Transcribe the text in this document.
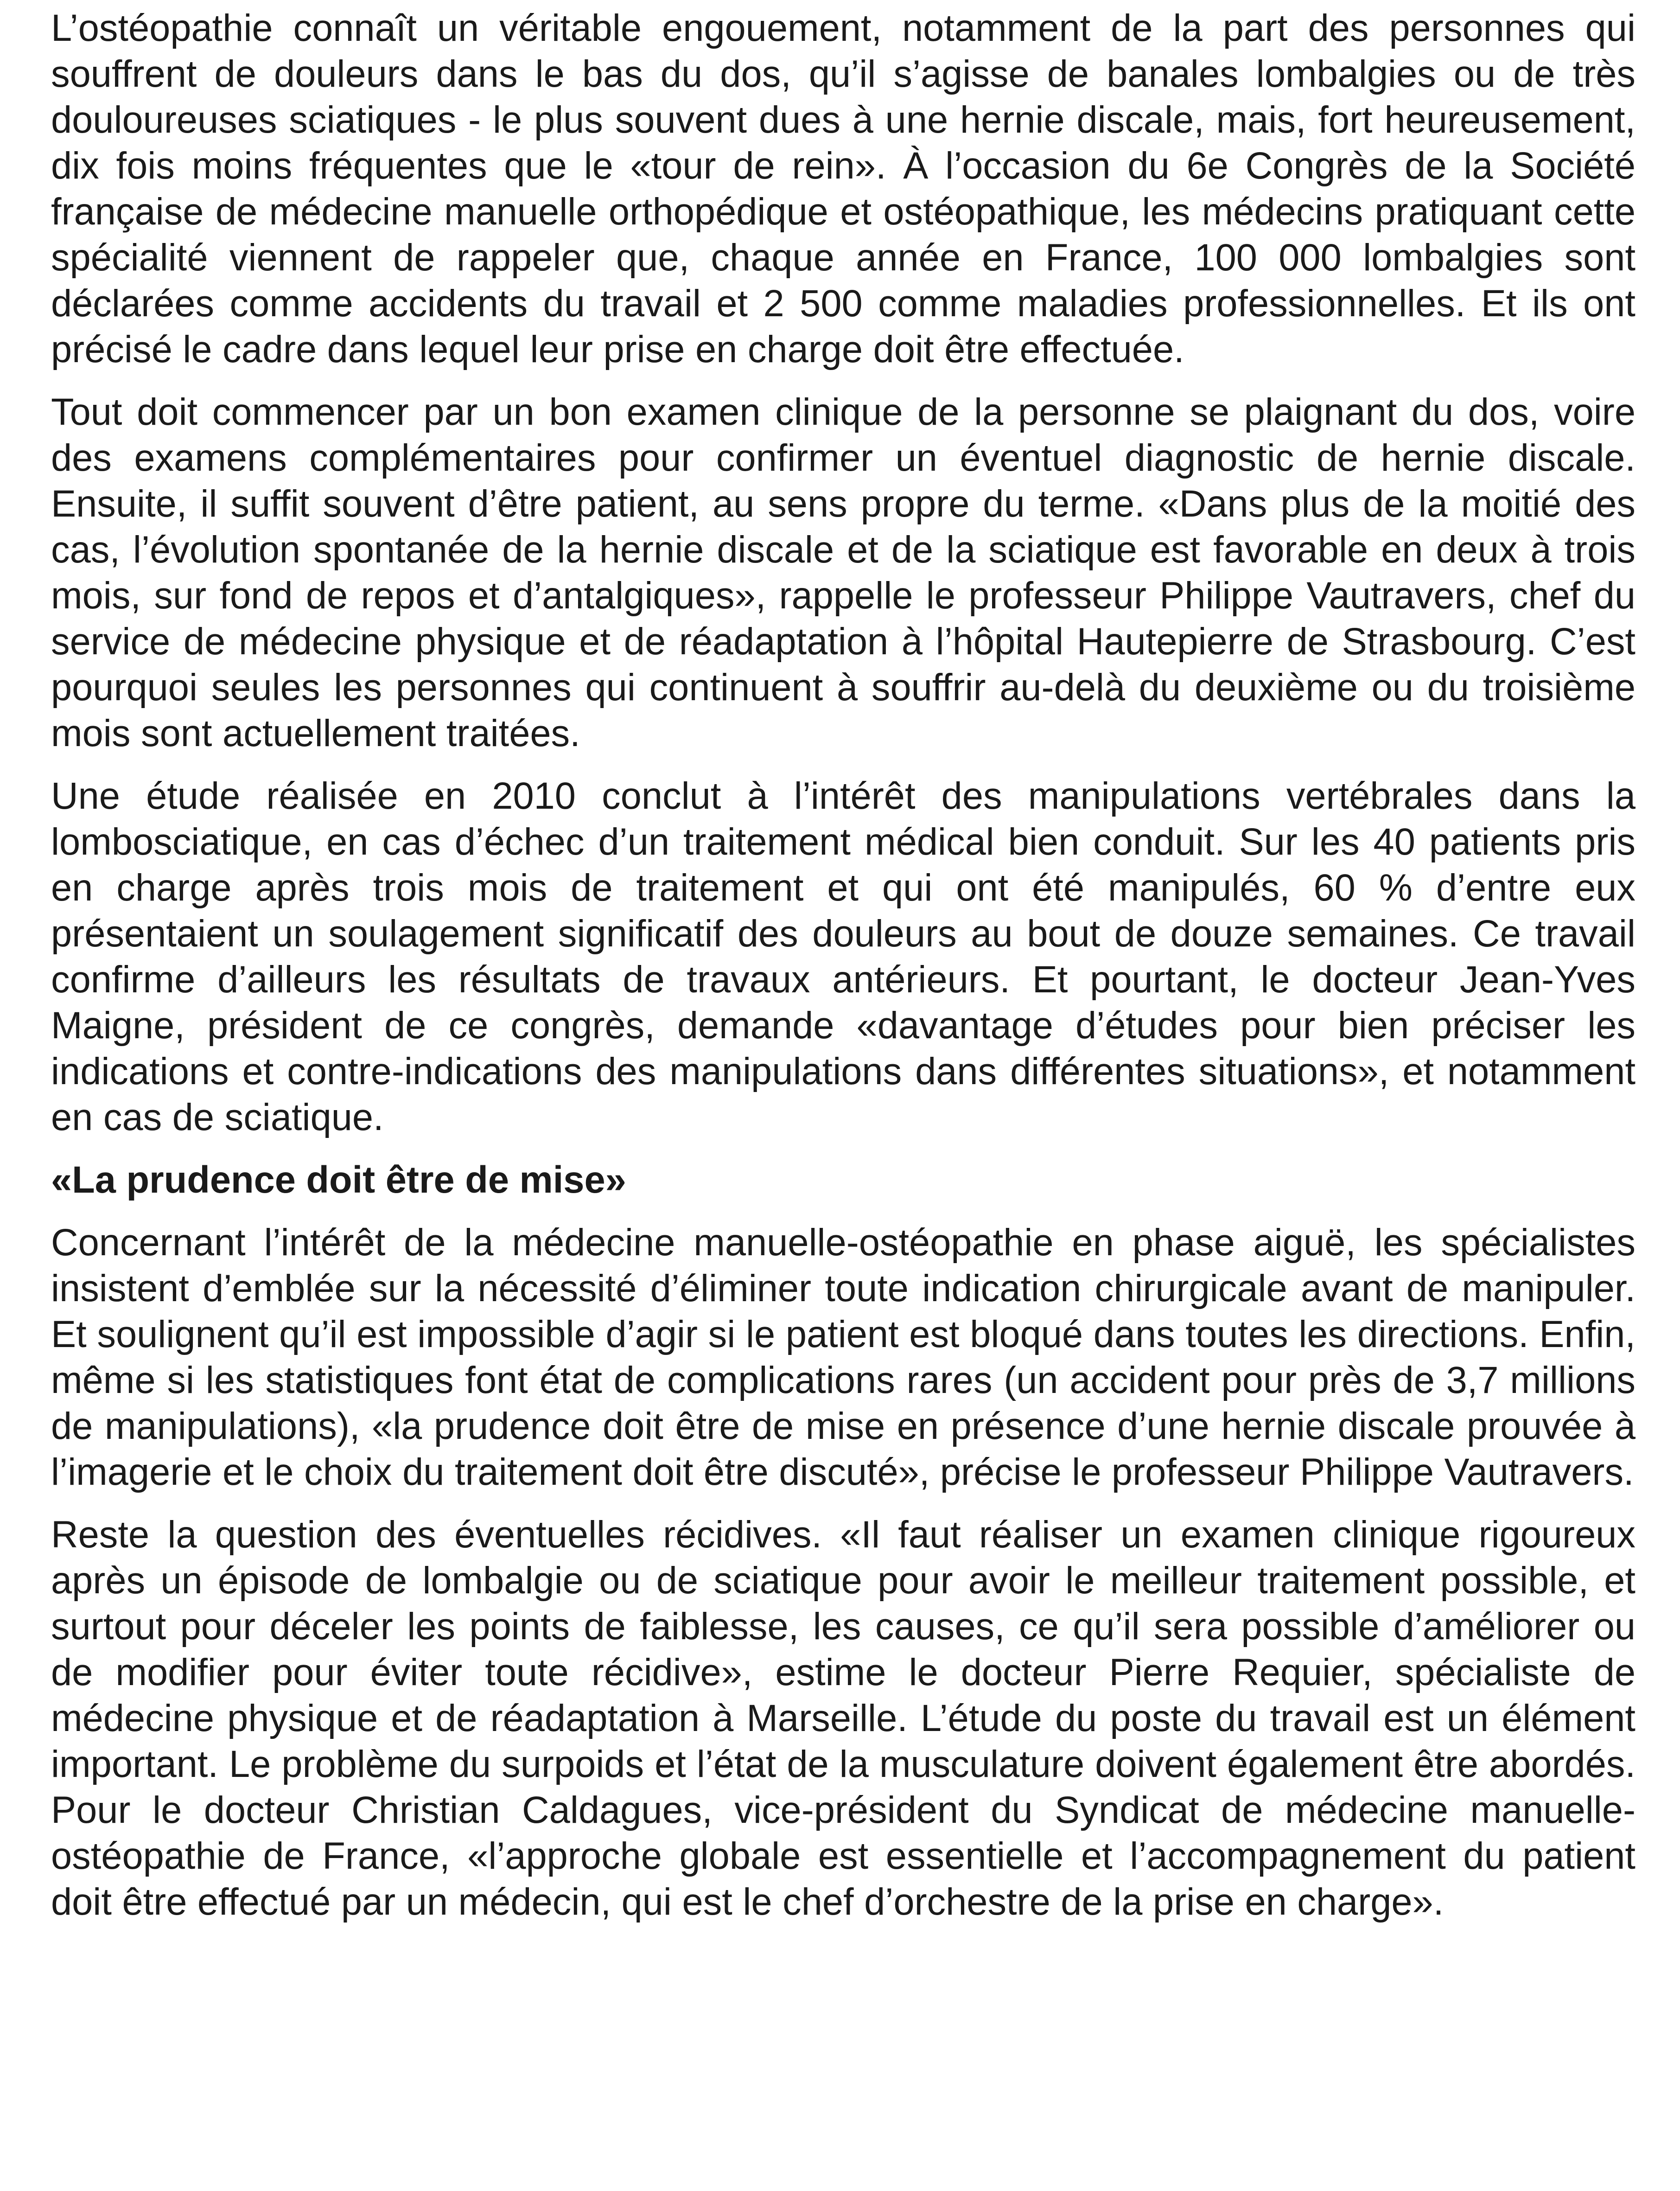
L’ostéopathie connaît un véritable engouement, notamment de la part des personnes qui souffrent de douleurs dans le bas du dos, qu’il s’agisse de banales lombalgies ou de très douloureuses sciatiques - le plus souvent dues à une hernie discale, mais, fort heureusement, dix fois moins fréquentes que le «tour de rein». À l’occasion du 6e Congrès de la Société française de médecine manuelle orthopédique et ostéopathique, les médecins pratiquant cette spécialité viennent de rappeler que, chaque année en France, 100 000 lombalgies sont déclarées comme accidents du travail et 2 500 comme maladies professionnelles. Et ils ont précisé le cadre dans lequel leur prise en charge doit être effectuée.

Tout doit commencer par un bon examen clinique de la personne se plaignant du dos, voire des examens complémentaires pour confirmer un éventuel diagnostic de hernie discale. Ensuite, il suffit souvent d’être patient, au sens propre du terme. «Dans plus de la moitié des cas, l’évolution spontanée de la hernie discale et de la sciatique est favorable en deux à trois mois, sur fond de repos et d’antalgiques», rappelle le professeur Philippe Vautravers, chef du service de médecine physique et de réadaptation à l’hôpital Hautepierre de Strasbourg. C’est pourquoi seules les personnes qui continuent à souffrir au-delà du deuxième ou du troisième mois sont actuellement traitées.

Une étude réalisée en 2010 conclut à l’intérêt des manipulations vertébrales dans la lombosciatique, en cas d’échec d’un traitement médical bien conduit. Sur les 40 patients pris en charge après trois mois de traitement et qui ont été manipulés, 60 % d’entre eux présentaient un soulagement significatif des douleurs au bout de douze semaines. Ce travail confirme d’ailleurs les résultats de travaux antérieurs. Et pourtant, le docteur Jean-Yves Maigne, président de ce congrès, demande «davantage d’études pour bien préciser les indications et contre-indications des manipulations dans différentes situations», et notamment en cas de sciatique.

«La prudence doit être de mise»

Concernant l’intérêt de la médecine manuelle-ostéopathie en phase aiguë, les spécialistes insistent d’emblée sur la nécessité d’éliminer toute indication chirurgicale avant de manipuler. Et soulignent qu’il est impossible d’agir si le patient est bloqué dans toutes les directions. Enfin, même si les statistiques font état de complications rares (un accident pour près de 3,7 millions de manipulations), «la prudence doit être de mise en présence d’une hernie discale prouvée à l’imagerie et le choix du traitement doit être discuté», précise le professeur Philippe Vautravers.

Reste la question des éventuelles récidives. «Il faut réaliser un examen clinique rigoureux après un épisode de lombalgie ou de sciatique pour avoir le meilleur traitement possible, et surtout pour déceler les points de faiblesse, les causes, ce qu’il sera possible d’améliorer ou de modifier pour éviter toute récidive», estime le docteur Pierre Requier, spécialiste de médecine physique et de réadaptation à Marseille. L’étude du poste du travail est un élément important. Le problème du surpoids et l’état de la musculature doivent également être abordés. Pour le docteur Christian Caldagues, vice-président du Syndicat de médecine manuelle-ostéopathie de France, «l’approche globale est essentielle et l’accompagnement du patient doit être effectué par un médecin, qui est le chef d’orchestre de la prise en charge».
